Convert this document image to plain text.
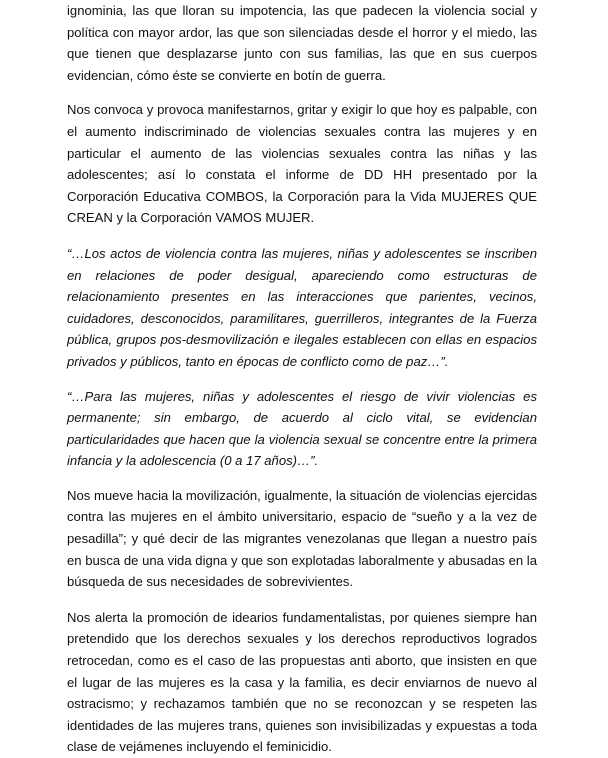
ignominia, las que lloran su impotencia, las que padecen la violencia social y política con mayor ardor, las que son silenciadas desde el horror y el miedo, las que tienen que desplazarse junto con sus familias, las que en sus cuerpos evidencian, cómo éste se convierte en botín de guerra.

Nos convoca y provoca manifestarnos, gritar y exigir lo que hoy es palpable, con el aumento indiscriminado de violencias sexuales contra las mujeres y en particular el aumento de las violencias sexuales contra las niñas y las adolescentes; así lo constata el informe de DD HH presentado por la Corporación Educativa COMBOS, la Corporación para la Vida MUJERES QUE CREAN y la Corporación VAMOS MUJER.

“…Los actos de violencia contra las mujeres, niñas y adolescentes se inscriben en relaciones de poder desigual, apareciendo como estructuras de relacionamiento presentes en las interacciones que parientes, vecinos, cuidadores, desconocidos, paramilitares, guerrilleros, integrantes de la Fuerza pública, grupos pos-desmovilización e ilegales establecen con ellas en espacios privados y públicos, tanto en épocas de conflicto como de paz…”.

“…Para las mujeres, niñas y adolescentes el riesgo de vivir violencias es permanente; sin embargo, de acuerdo al ciclo vital, se evidencian particularidades que hacen que la violencia sexual se concentre entre la primera infancia y la adolescencia (0 a 17 años)…”.

Nos mueve hacia la movilización, igualmente, la situación de violencias ejercidas contra las mujeres en el ámbito universitario, espacio de “sueño y a la vez de pesadilla”; y qué decir de las migrantes venezolanas que llegan a nuestro país en busca de una vida digna y que son explotadas laboralmente y abusadas en la búsqueda de sus necesidades de sobrevivientes.

Nos alerta la promoción de idearios fundamentalistas, por quienes siempre han pretendido que los derechos sexuales y los derechos reproductivos logrados retrocedan, como es el caso de las propuestas anti aborto, que insisten en que el lugar de las mujeres es la casa y la familia, es decir enviarnos de nuevo al ostracismo; y rechazamos también que no se reconozcan y se respeten las identidades de las mujeres trans, quienes son invisibilizadas y expuestas a toda clase de vejámenes incluyendo el feminicidio.
